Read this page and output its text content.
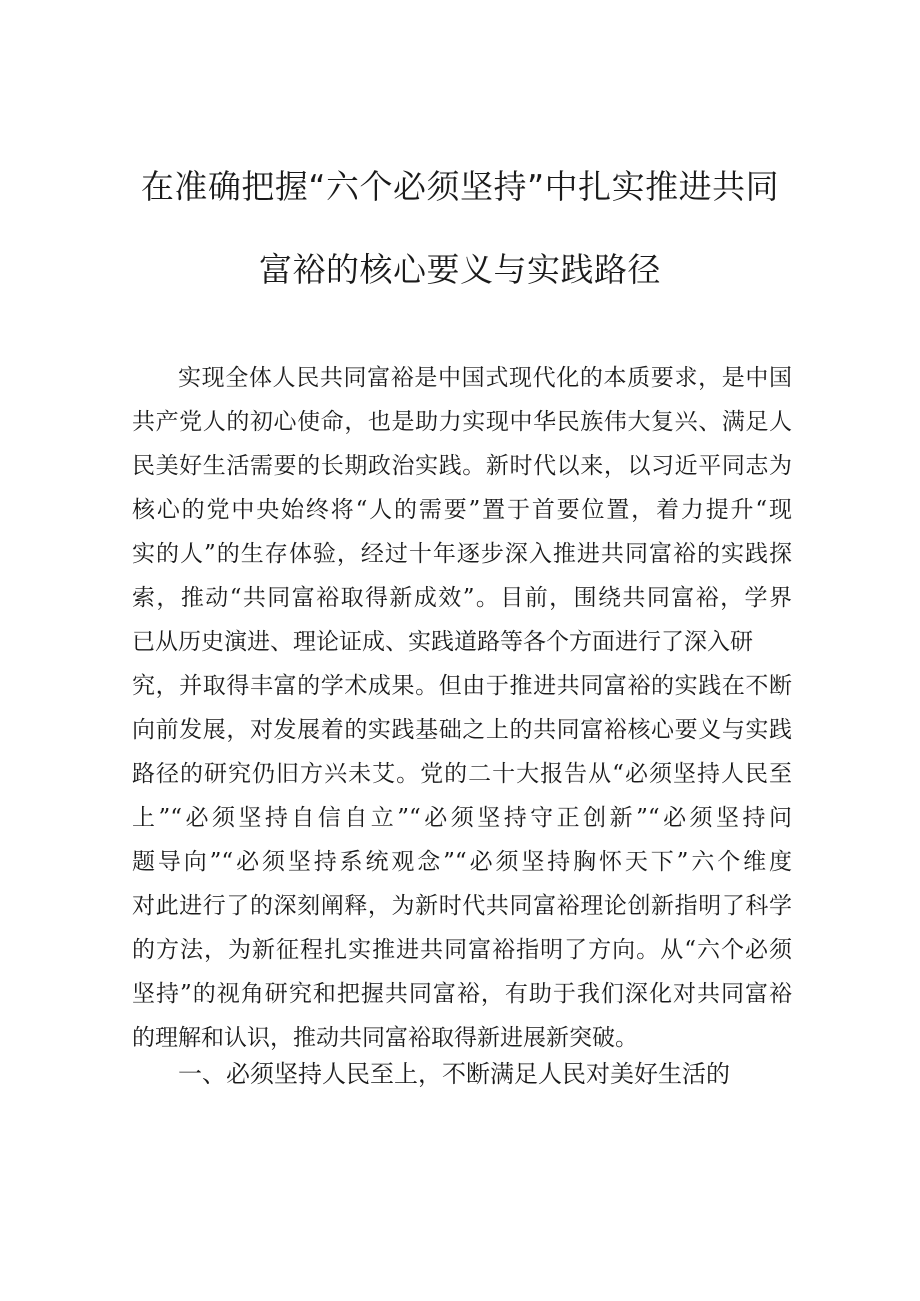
在准确把握“六个必须坚持”中扎实推进共同
富裕的核心要义与实践路径
实现全体人民共同富裕是中国式现代化的本质要求，是中国
共产党人的初心使命，也是助力实现中华民族伟大复兴、满足人
民美好生活需要的长期政治实践。新时代以来，以习近平同志为
核心的党中央始终将“人的需要”置于首要位置，着力提升“现
实的人”的生存体验，经过十年逐步深入推进共同富裕的实践探
索，推动“共同富裕取得新成效”。目前，围绕共同富裕，学界
已从历史演进、理论证成、实践道路等各个方面进行了深入研
究，并取得丰富的学术成果。但由于推进共同富裕的实践在不断
向前发展，对发展着的实践基础之上的共同富裕核心要义与实践
路径的研究仍旧方兴未艾。党的二十大报告从“必须坚持人民至
上”“必须坚持自信自立”“必须坚持守正创新”“必须坚持问
题导向”“必须坚持系统观念”“必须坚持胸怀天下”六个维度
对此进行了的深刻阐释，为新时代共同富裕理论创新指明了科学
的方法，为新征程扎实推进共同富裕指明了方向。从“六个必须
坚持”的视角研究和把握共同富裕，有助于我们深化对共同富裕
的理解和认识，推动共同富裕取得新进展新突破。
一、必须坚持人民至上，不断满足人民对美好生活的
